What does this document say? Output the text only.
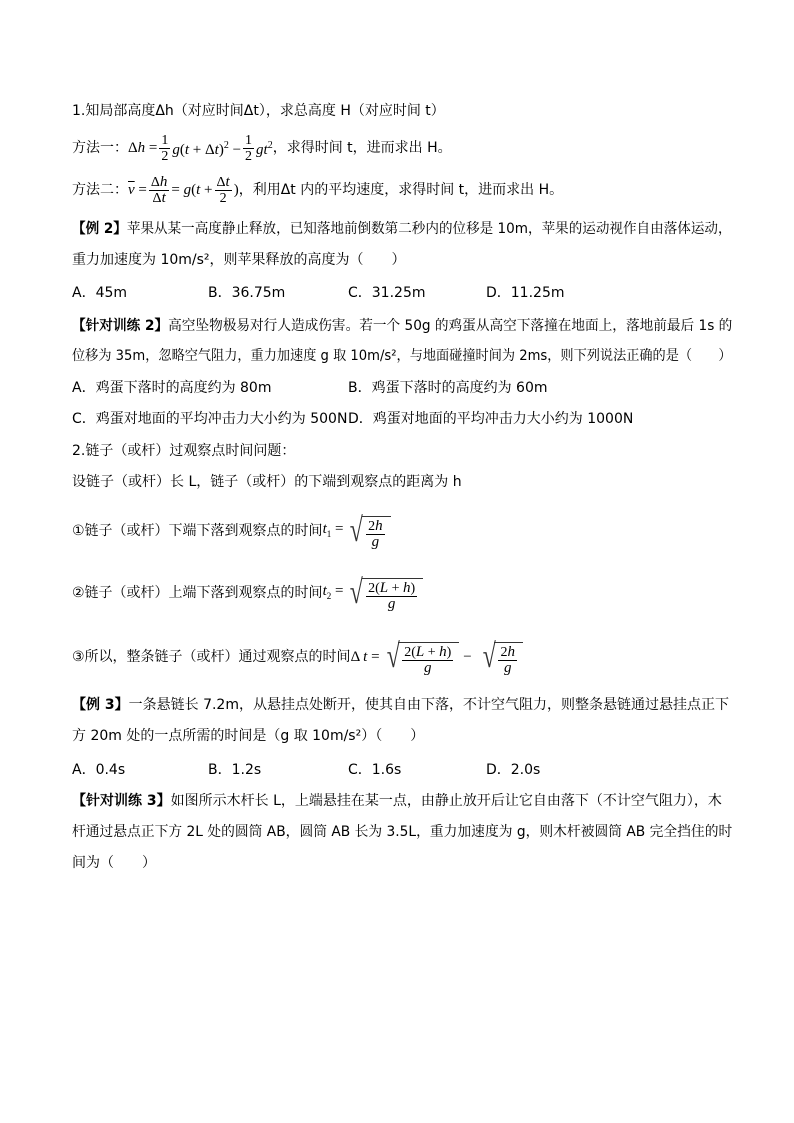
1.知局部高度Δh（对应时间Δt），求总高度 H（对应时间 t）
方法一： $\Delta h = \frac{1}{2} g(t + \Delta t)^2 - \frac{1}{2} gt^2$ ，求得时间 t，进而求出 H。
方法二： $\overline{v} = \frac{\Delta h}{\Delta t} = g(t + \frac{\Delta t}{2}$ ) ，利用Δt 内的平均速度，求得时间 t，进而求出 H。
【例 2】苹果从某一高度静止释放，已知落地前倒数第二秒内的位移是 10m，苹果的运动视作自由落体运动，
重力加速度为 10m/s²，则苹果释放的高度为（　　）
A．45m	B．36.75m	C．31.25m	D．11.25m
【针对训练 2】高空坠物极易对行人造成伤害。若一个 50g 的鸡蛋从高空下落撞在地面上，落地前最后 1s 的
位移为 35m，忽略空气阻力，重力加速度 g 取 10m/s²，与地面碰撞时间为 2ms，则下列说法正确的是（　　）
A．鸡蛋下落时的高度约为 80m	B．鸡蛋下落时的高度约为 60m
C．鸡蛋对地面的平均冲击力大小约为 500N D．鸡蛋对地面的平均冲击力大小约为 1000N
2.链子（或杆）过观察点时间问题：
设链子（或杆）长 L，链子（或杆）的下端到观察点的距离为 h
①链子（或杆）下端下落到观察点的时间 $t_1$ = √ $\frac{2h}{g}$
②链子（或杆）上端下落到观察点的时间 $t_2$ = √ $\frac{2(L + h)}{g}$
③所以，整条链子（或杆）通过观察点的时间 Δ t = √ $\frac{2(L + h)}{g}$ − √ $\frac{2h}{g}$
【例 3】一条悬链长 7.2m，从悬挂点处断开，使其自由下落，不计空气阻力，则整条悬链通过悬挂点正下
方 20m 处的一点所需的时间是（g 取 10m/s²）（　　）
A．0.4s	B．1.2s	C．1.6s	D．2.0s
【针对训练 3】如图所示木杆长 L，上端悬挂在某一点，由静止放开后让它自由落下（不计空气阻力），木
杆通过悬点正下方 2L 处的圆筒 AB，圆筒 AB 长为 3.5L，重力加速度为 g，则木杆被圆筒 AB 完全挡住的时
间为（　　）
